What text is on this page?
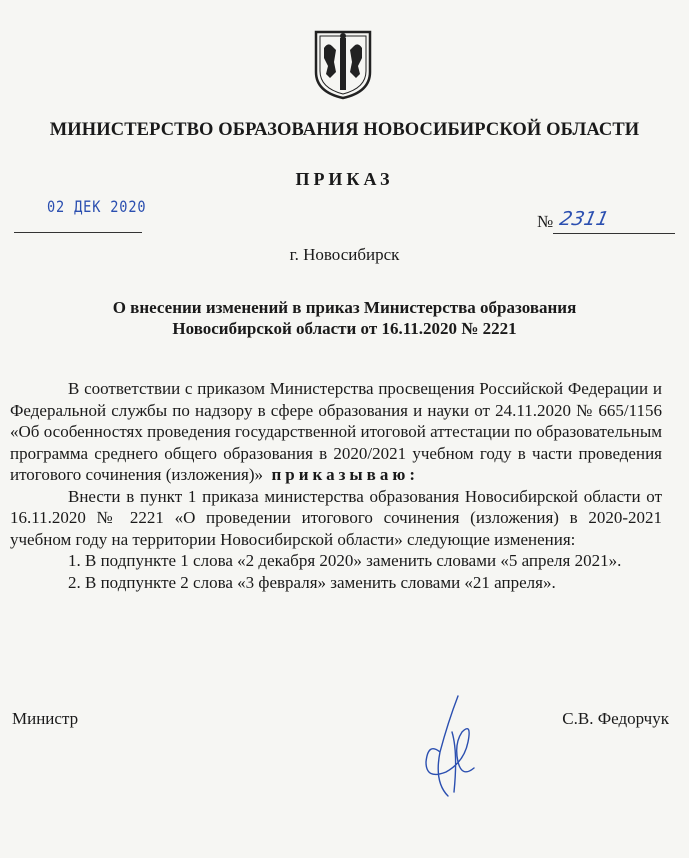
МИНИСТЕРСТВО ОБРАЗОВАНИЯ НОВОСИБИРСКОЙ ОБЛАСТИ
ПРИКАЗ
02 ДЕК 2020
№ 2311
г. Новосибирск
О внесении изменений в приказ Министерства образования
Новосибирской области от 16.11.2020 № 2221

В соответствии с приказом Министерства просвещения Российской Федерации и Федеральной службы по надзору в сфере образования и науки от 24.11.2020 № 665/1156 «Об особенностях проведения государственной итоговой аттестации по образовательным программа среднего общего образования в 2020/2021 учебном году в части проведения итогового сочинения (изложения)» приказываю:

Внести в пункт 1 приказа министерства образования Новосибирской области от 16.11.2020 № 2221 «О проведении итогового сочинения (изложения) в 2020-2021 учебном году на территории Новосибирской области» следующие изменения:

1. В подпункте 1 слова «2 декабря 2020» заменить словами «5 апреля 2021».

2. В подпункте 2 слова «3 февраля» заменить словами «21 апреля».

Министр	С.В. Федорчук
